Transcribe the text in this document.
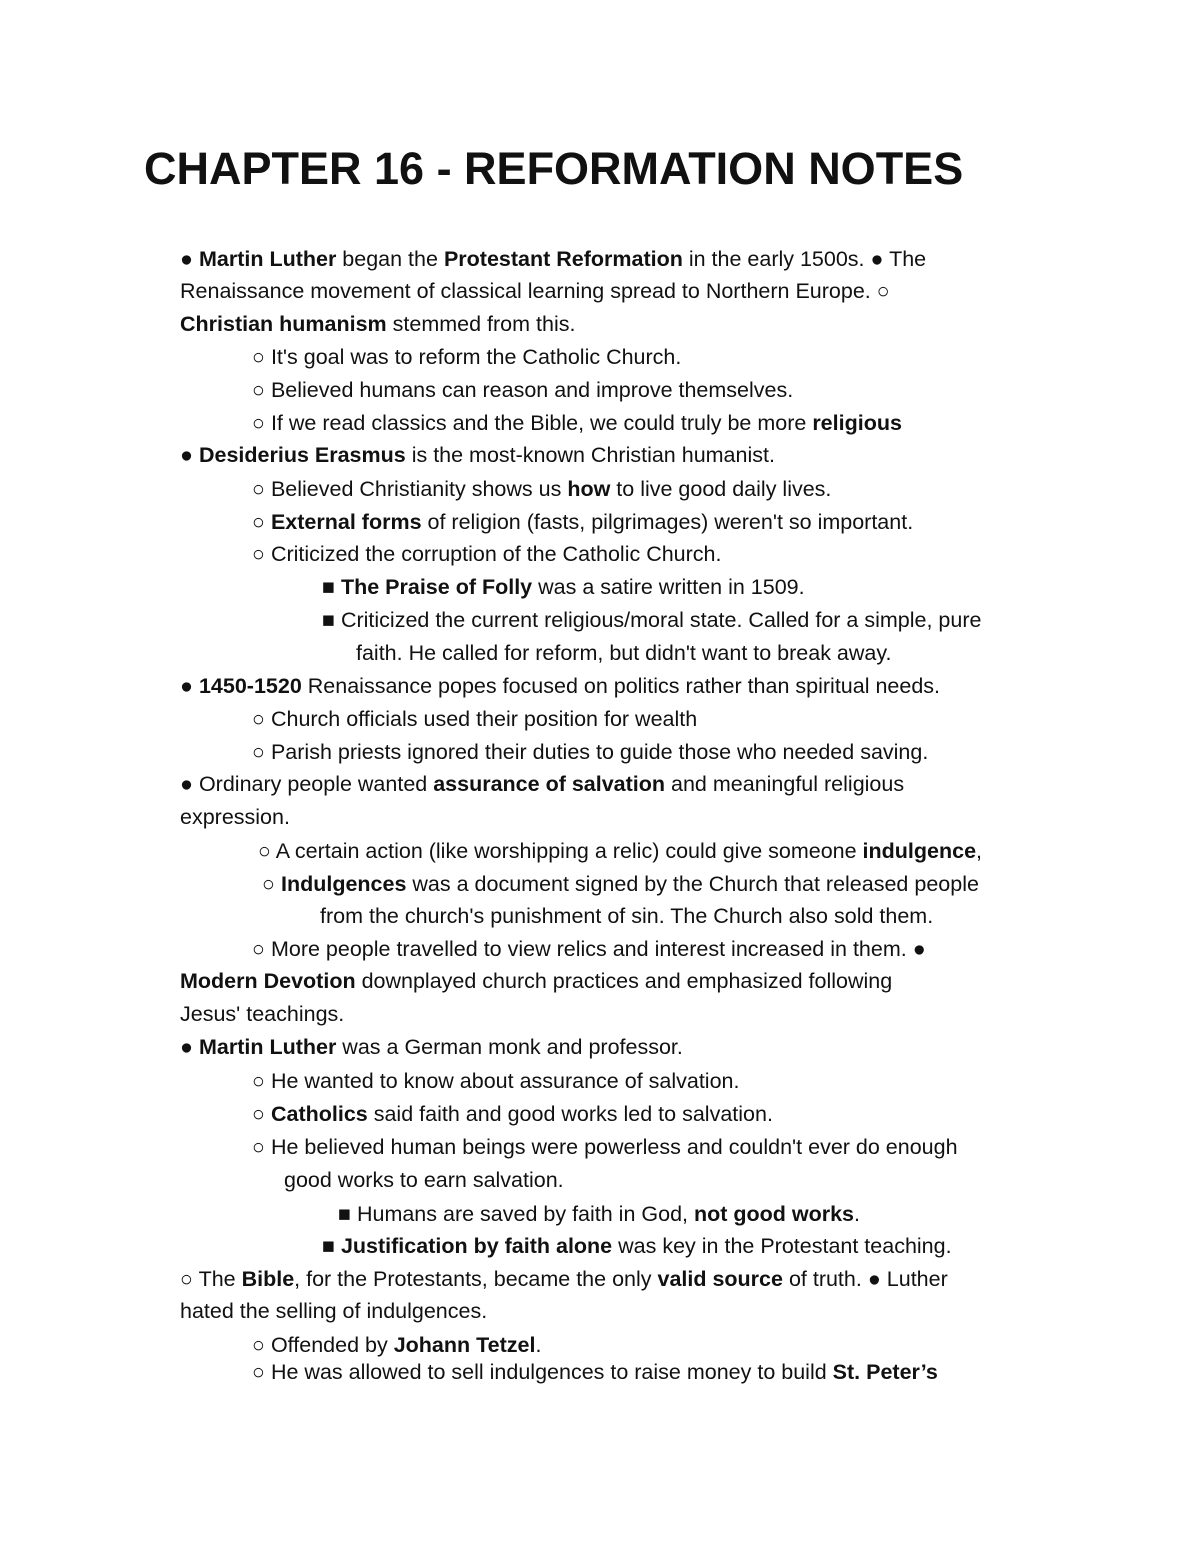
CHAPTER 16 - REFORMATION NOTES
● Martin Luther began the Protestant Reformation in the early 1500s. ● The
Renaissance movement of classical learning spread to Northern Europe. ○
Christian humanism stemmed from this.
○ It's goal was to reform the Catholic Church.
○ Believed humans can reason and improve themselves.
○ If we read classics and the Bible, we could truly be more religious
● Desiderius Erasmus is the most-known Christian humanist.
○ Believed Christianity shows us how to live good daily lives.
○ External forms of religion (fasts, pilgrimages) weren't so important.
○ Criticized the corruption of the Catholic Church.
■ The Praise of Folly was a satire written in 1509.
■ Criticized the current religious/moral state. Called for a simple, pure
faith. He called for reform, but didn't want to break away.
● 1450-1520 Renaissance popes focused on politics rather than spiritual needs.
○ Church officials used their position for wealth
○ Parish priests ignored their duties to guide those who needed saving.
● Ordinary people wanted assurance of salvation and meaningful religious
expression.
○ A certain action (like worshipping a relic) could give someone indulgence,
○ Indulgences was a document signed by the Church that released people
from the church's punishment of sin. The Church also sold them.
○ More people travelled to view relics and interest increased in them. ●
Modern Devotion downplayed church practices and emphasized following
Jesus' teachings.
● Martin Luther was a German monk and professor.
○ He wanted to know about assurance of salvation.
○ Catholics said faith and good works led to salvation.
○ He believed human beings were powerless and couldn't ever do enough
good works to earn salvation.
■ Humans are saved by faith in God, not good works.
■ Justification by faith alone was key in the Protestant teaching.
○ The Bible, for the Protestants, became the only valid source of truth. ● Luther
hated the selling of indulgences.
○ Offended by Johann Tetzel.
○ He was allowed to sell indulgences to raise money to build St. Peter’s
